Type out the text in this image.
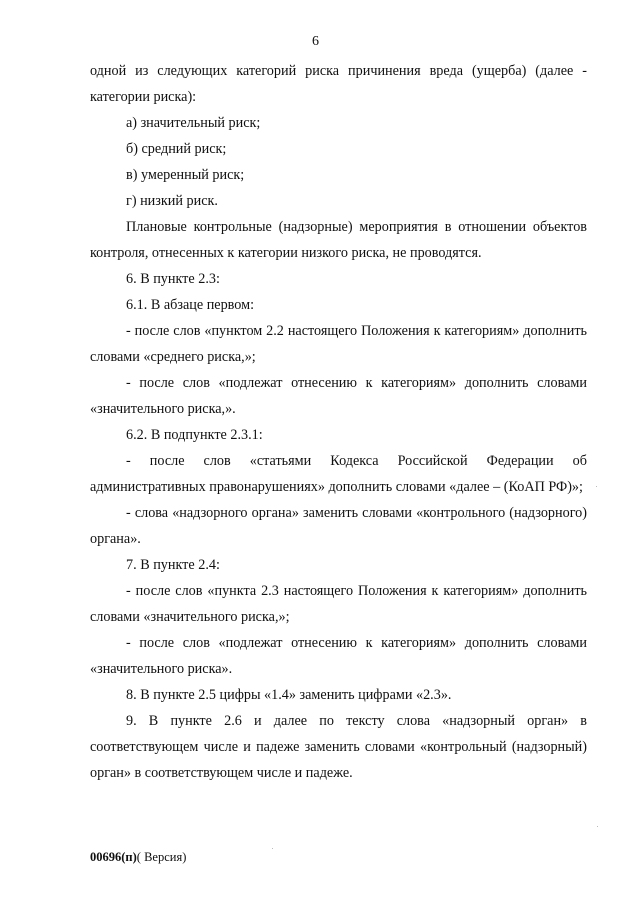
6

одной из следующих категорий риска причинения вреда (ущерба) (далее - категории риска):

а) значительный риск;

б) средний риск;

в) умеренный риск;

г) низкий риск.

Плановые контрольные (надзорные) мероприятия в отношении объектов контроля, отнесенных к категории низкого риска, не проводятся.

6. В пункте 2.3:

6.1. В абзаце первом:

- после слов «пунктом 2.2 настоящего Положения к категориям» дополнить словами «среднего риска,»;

- после слов «подлежат отнесению к категориям» дополнить словами «значительного риска,».

6.2. В подпункте 2.3.1:

- после слов «статьями Кодекса Российской Федерации об административных правонарушениях» дополнить словами «далее – (КоАП РФ)»;

- слова «надзорного органа» заменить словами «контрольного (надзорного) органа».

7. В пункте 2.4:

- после слов «пункта 2.3 настоящего Положения к категориям» дополнить словами «значительного риска,»;

- после слов «подлежат отнесению к категориям» дополнить словами «значительного риска».

8. В пункте 2.5 цифры «1.4» заменить цифрами «2.3».

9. В пункте 2.6 и далее по тексту слова «надзорный орган» в соответствующем числе и падеже заменить словами «контрольный (надзорный) орган» в соответствующем числе и падеже.

00696(п)( Версия)
